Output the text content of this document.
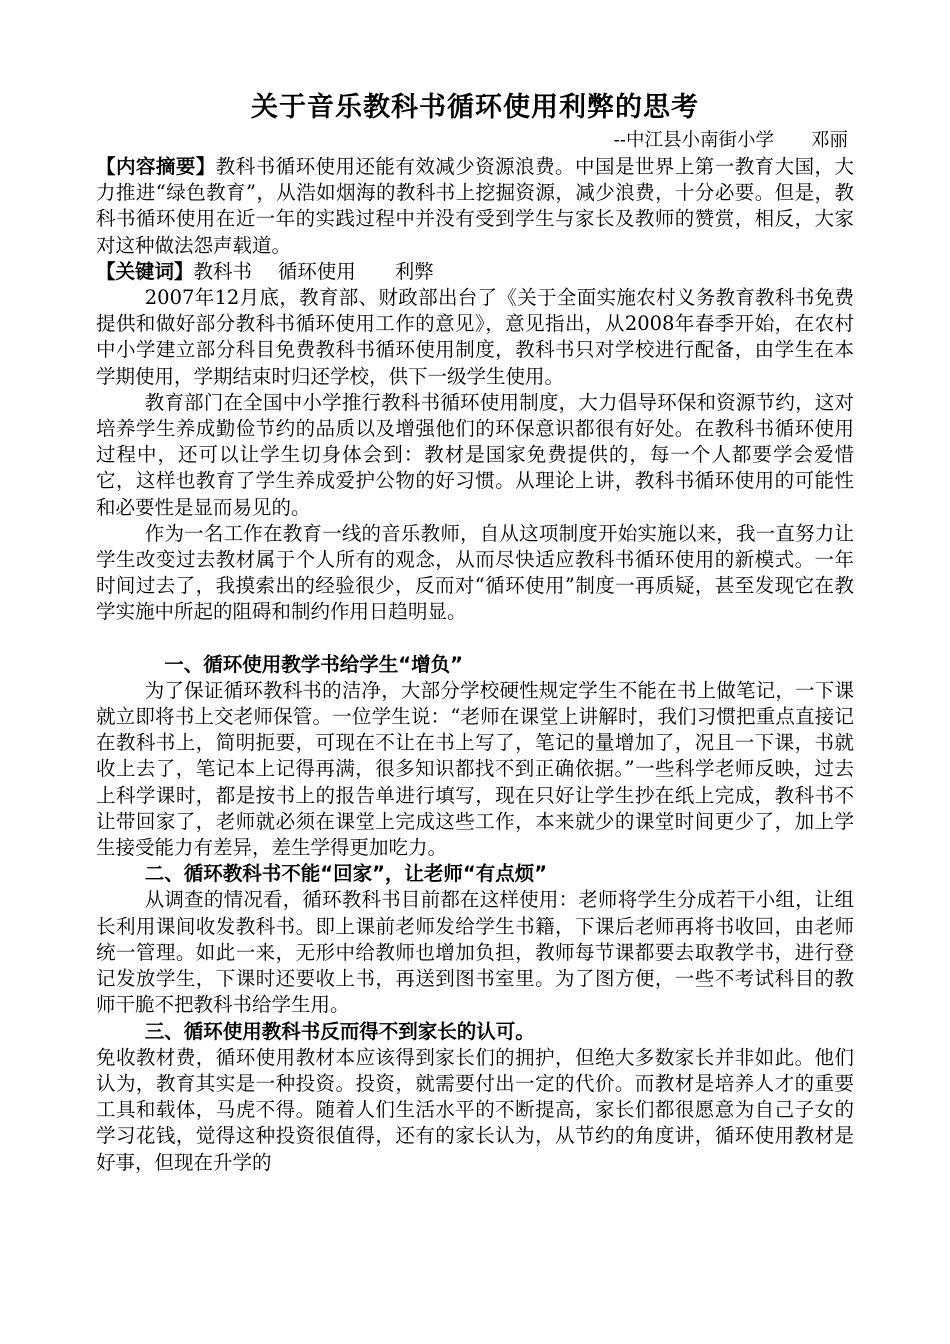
关于音乐教科书循环使用利弊的思考

--中江县小南街小学　　邓丽

【内容摘要】教科书循环使用还能有效减少资源浪费。中国是世界上第一教育大国，大力推进“绿色教育”，从浩如烟海的教科书上挖掘资源，减少浪费，十分必要。但是，教科书循环使用在近一年的实践过程中并没有受到学生与家长及教师的赞赏，相反，大家对这种做法怨声载道。

【关键词】教科书　 循环使用　　利弊

2007年12月底，教育部、财政部出台了《关于全面实施农村义务教育教科书免费提供和做好部分教科书循环使用工作的意见》，意见指出，从2008年春季开始，在农村中小学建立部分科目免费教科书循环使用制度，教科书只对学校进行配备，由学生在本学期使用，学期结束时归还学校，供下一级学生使用。

教育部门在全国中小学推行教科书循环使用制度，大力倡导环保和资源节约，这对培养学生养成勤俭节约的品质以及增强他们的环保意识都很有好处。在教科书循环使用过程中，还可以让学生切身体会到：教材是国家免费提供的，每一个人都要学会爱惜它，这样也教育了学生养成爱护公物的好习惯。从理论上讲，教科书循环使用的可能性和必要性是显而易见的。

作为一名工作在教育一线的音乐教师，自从这项制度开始实施以来，我一直努力让学生改变过去教材属于个人所有的观念，从而尽快适应教科书循环使用的新模式。一年时间过去了，我摸索出的经验很少，反而对“循环使用”制度一再质疑，甚至发现它在教学实施中所起的阻碍和制约作用日趋明显。

一、循环使用教学书给学生“增负”

为了保证循环教科书的洁净，大部分学校硬性规定学生不能在书上做笔记，一下课就立即将书上交老师保管。一位学生说：“老师在课堂上讲解时，我们习惯把重点直接记在教科书上，简明扼要，可现在不让在书上写了，笔记的量增加了，况且一下课，书就收上去了，笔记本上记得再满，很多知识都找不到正确依据。”一些科学老师反映，过去上科学课时，都是按书上的报告单进行填写，现在只好让学生抄在纸上完成，教科书不让带回家了，老师就必须在课堂上完成这些工作，本来就少的课堂时间更少了，加上学生接受能力有差异，差生学得更加吃力。

二、循环教科书不能“回家”，让老师“有点烦”

从调查的情况看，循环教科书目前都在这样使用：老师将学生分成若干小组，让组长利用课间收发教科书。即上课前老师发给学生书籍，下课后老师再将书收回，由老师统一管理。如此一来，无形中给教师也增加负担，教师每节课都要去取教学书，进行登记发放学生，下课时还要收上书，再送到图书室里。为了图方便，一些不考试科目的教师干脆不把教科书给学生用。

三、循环使用教科书反而得不到家长的认可。

免收教材费，循环使用教材本应该得到家长们的拥护，但绝大多数家长并非如此。他们认为，教育其实是一种投资。投资，就需要付出一定的代价。而教材是培养人才的重要工具和载体，马虎不得。随着人们生活水平的不断提高，家长们都很愿意为自己子女的学习花钱，觉得这种投资很值得，还有的家长认为，从节约的角度讲，循环使用教材是好事，但现在升学的
